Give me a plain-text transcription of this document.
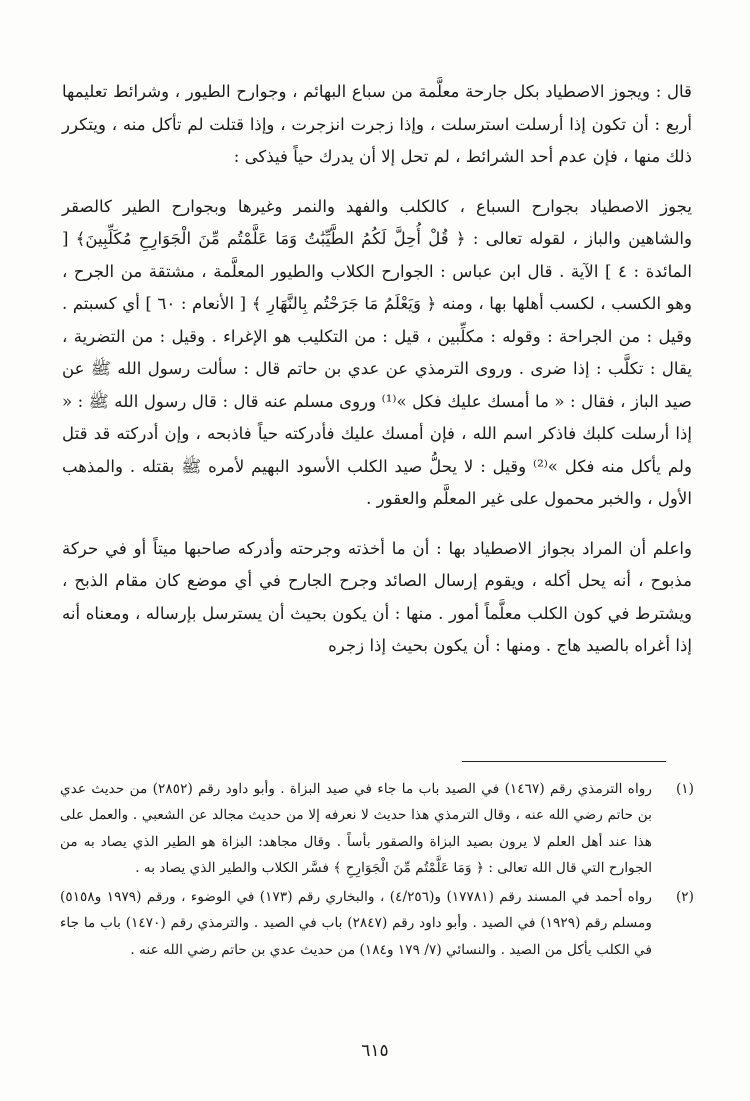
قال : ويجوز الاصطياد بكل جارحة معلَّمة من سباع البهائم ، وجوارح الطيور ، وشرائط تعليمها أربع : أن تكون إذا أرسلت استرسلت ، وإذا زجرت انزجرت ، وإذا قتلت لم تأكل منه ، ويتكرر ذلك منها ، فإن عدم أحد الشرائط ، لم تحل إلا أن يدرك حياً فيذكى :

يجوز الاصطياد بجوارح السباع ، كالكلب والفهد والنمر وغيرها وبجوارح الطير كالصقر والشاهين والباز ، لقوله تعالى : ﴿ قُلْ أُحِلَّ لَكُمُ الطَّيِّبَٰتُ وَمَا عَلَّمْتُم مِّنَ الْجَوَارِحِ مُكَلِّبِينَ﴾ [ المائدة : ٤ ] الآية . قال ابن عباس : الجوارح الكلاب والطيور المعلَّمة ، مشتقة من الجرح ، وهو الكسب ، لكسب أهلها بها ، ومنه ﴿ وَيَعْلَمُ مَا جَرَحْتُم بِالنَّهَارِ ﴾ [ الأنعام : ٦٠ ] أي كسبتم . وقيل : من الجراحة : وقوله : مكلِّبين ، قيل : من التكليب هو الإغراء . وقيل : من التضرية ، يقال : تكلَّب : إذا ضرى . وروى الترمذي عن عدي بن حاتم قال : سألت رسول الله ﷺ عن صيد الباز ، فقال : « ما أمسك عليك فكل »⁽¹⁾ وروى مسلم عنه قال : قال رسول الله ﷺ : « إذا أرسلت كلبك فاذكر اسم الله ، فإن أمسك عليك فأدركته حياً فاذبحه ، وإن أدركته قد قتل ولم يأكل منه فكل »⁽²⁾ وقيل : لا يحلُّ صيد الكلب الأسود البهيم لأمره ﷺ بقتله . والمذهب الأول ، والخبر محمول على غير المعلَّم والعقور .

واعلم أن المراد بجواز الاصطياد بها : أن ما أخذته وجرحته وأدركه صاحبها ميتاً أو في حركة مذبوح ، أنه يحل أكله ، ويقوم إرسال الصائد وجرح الجارح في أي موضع كان مقام الذبح ، ويشترط في كون الكلب معلَّماً أمور . منها : أن يكون بحيث أن يسترسل بإرساله ، ومعناه أنه إذا أغراه بالصيد هاج . ومنها : أن يكون بحيث إذا زجره

(١)
رواه الترمذي رقم (١٤٦٧) في الصيد باب ما جاء في صيد البزاة . وأبو داود رقم (٢٨٥٢) من حديث عدي بن حاتم رضي الله عنه ، وقال الترمذي هذا حديث لا نعرفه إلا من حديث مجالد عن الشعبي . والعمل على هذا عند أهل العلم لا يرون بصيد البزاة والصقور بأساً . وقال مجاهد: البزاة هو الطير الذي يصاد به من الجوارح التي قال الله تعالى : ﴿ وَمَا عَلَّمْتُم مِّنَ الْجَوَارِحِ ﴾ فسَّر الكلاب والطير الذي يصاد به .
(٢)
رواه أحمد في المسند رقم (١٧٧٨١) و(٤/٢٥٦) ، والبخاري رقم (١٧٣) في الوضوء ، ورقم (١٩٧٩ و٥١٥٨) ومسلم رقم (١٩٢٩) في الصيد . وأبو داود رقم (٢٨٤٧) باب في الصيد . والترمذي رقم (١٤٧٠) باب ما جاء في الكلب يأكل من الصيد . والنسائي (٧/ ١٧٩ و١٨٤) من حديث عدي بن حاتم رضي الله عنه .
٦١٥
